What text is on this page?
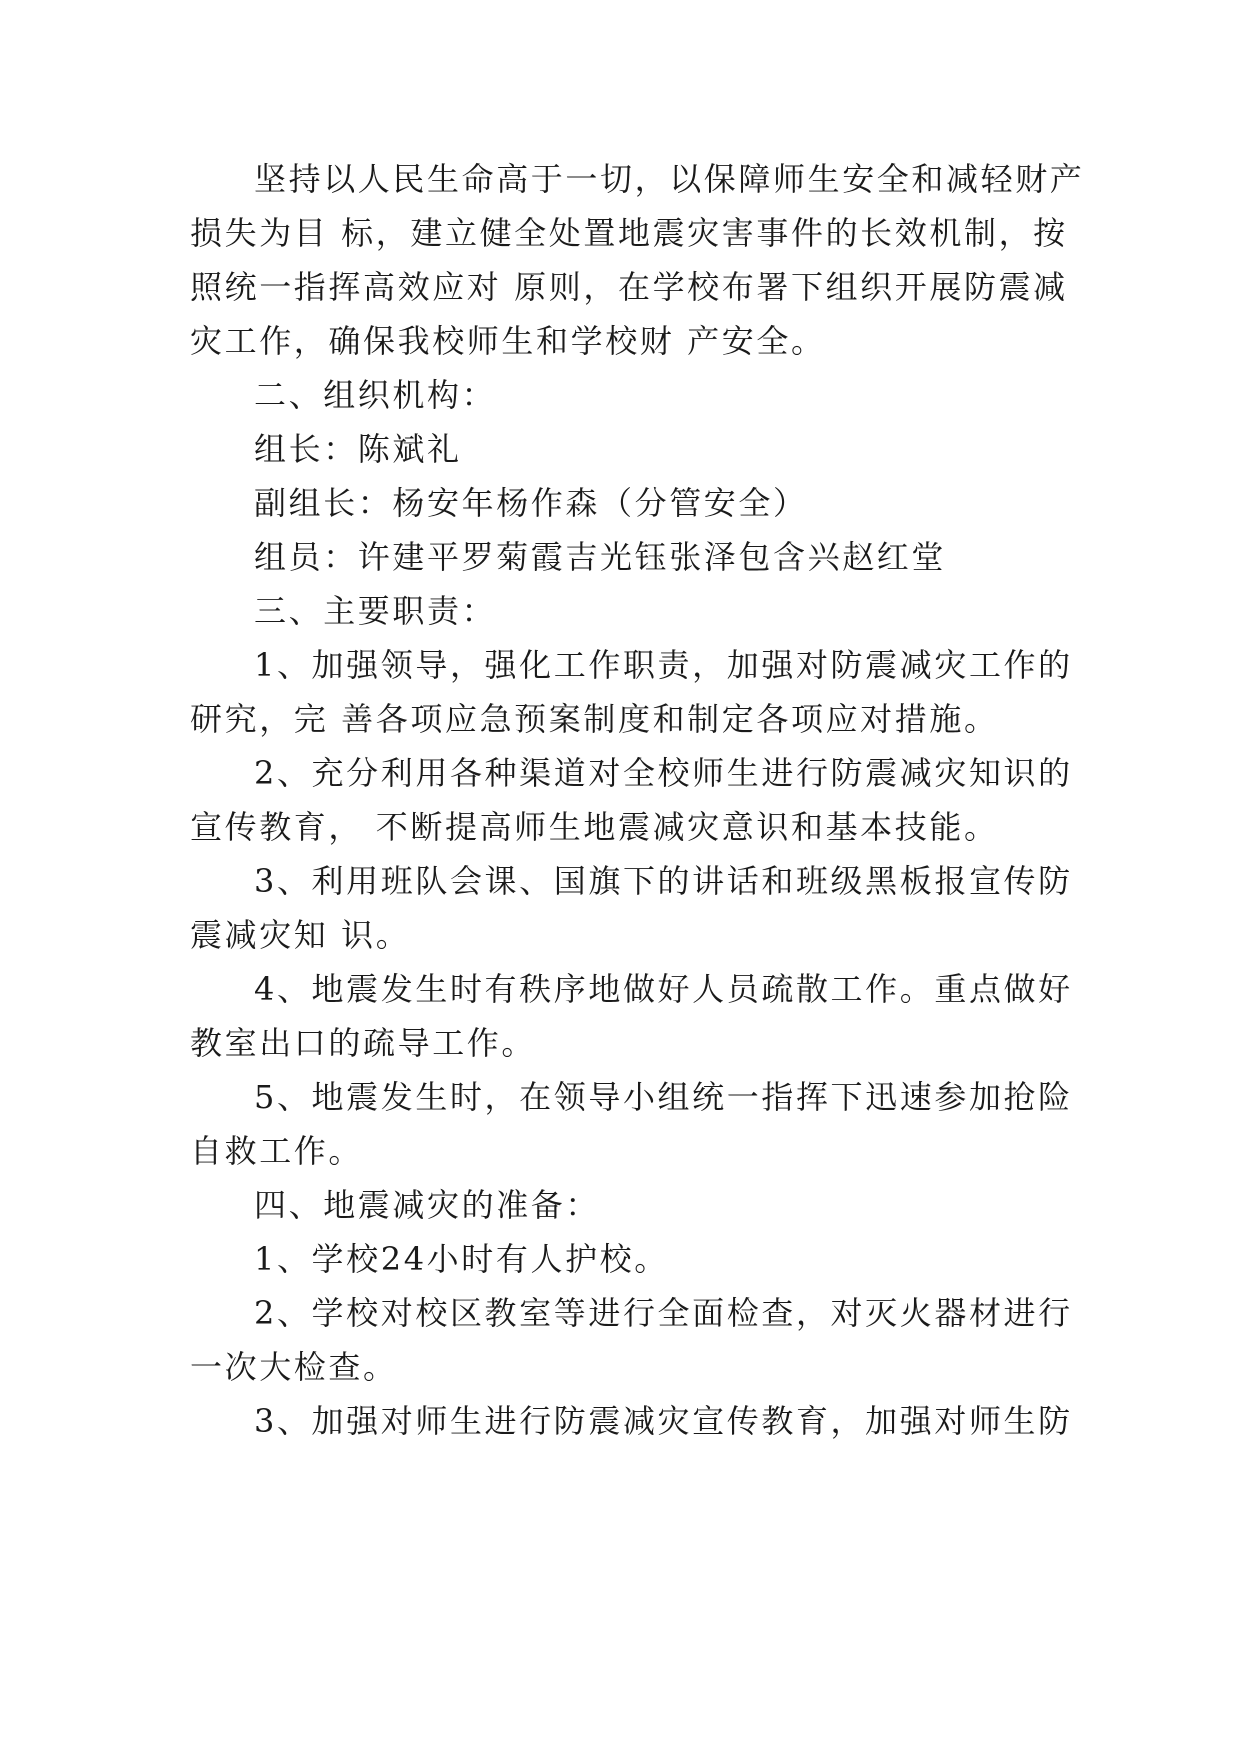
坚持以人民生命高于一切，以保障师生安全和减轻财产
损失为目 标，建立健全处置地震灾害事件的长效机制，按
照统一指挥高效应对 原则，在学校布署下组织开展防震减
灾工作，确保我校师生和学校财 产安全。
二、组织机构：
组长：陈斌礼
副组长：杨安年杨作森（分管安全）
组员：许建平罗菊霞吉光钰张泽包含兴赵红堂
三、主要职责：
1、加强领导，强化工作职责，加强对防震减灾工作的
研究，完 善各项应急预案制度和制定各项应对措施。
2、充分利用各种渠道对全校师生进行防震减灾知识的
宣传教育， 不断提高师生地震减灾意识和基本技能。
3、利用班队会课、国旗下的讲话和班级黑板报宣传防
震减灾知 识。
4、地震发生时有秩序地做好人员疏散工作。重点做好
教室出口的疏导工作。
5、地震发生时，在领导小组统一指挥下迅速参加抢险
自救工作。
四、地震减灾的准备：
1、学校24小时有人护校。
2、学校对校区教室等进行全面检查，对灭火器材进行
一次大检查。
3、加强对师生进行防震减灾宣传教育，加强对师生防
